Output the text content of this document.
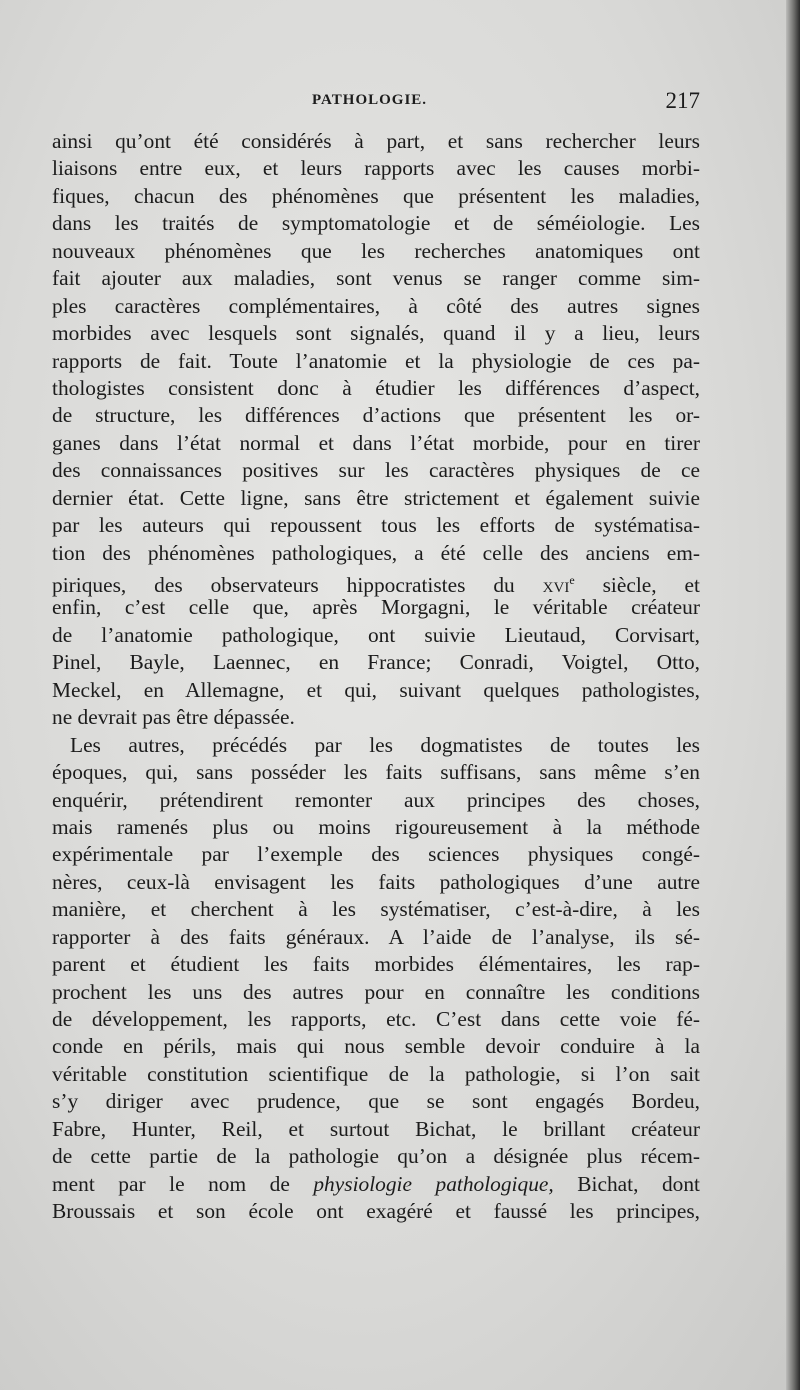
PATHOLOGIE.	217
ainsi qu’ont été considérés à part, et sans rechercher leurs
liaisons entre eux, et leurs rapports avec les causes morbi-
fiques, chacun des phénomènes que présentent les maladies,
dans les traités de symptomatologie et de séméiologie. Les
nouveaux phénomènes que les recherches anatomiques ont
fait ajouter aux maladies, sont venus se ranger comme sim-
ples caractères complémentaires, à côté des autres signes
morbides avec lesquels sont signalés, quand il y a lieu, leurs
rapports de fait. Toute l’anatomie et la physiologie de ces pa-
thologistes consistent donc à étudier les différences d’aspect,
de structure, les différences d’actions que présentent les or-
ganes dans l’état normal et dans l’état morbide, pour en tirer
des connaissances positives sur les caractères physiques de ce
dernier état. Cette ligne, sans être strictement et également suivie
par les auteurs qui repoussent tous les efforts de systématisa-
tion des phénomènes pathologiques, a été celle des anciens em-
piriques, des observateurs hippocratistes du xvi$^e$ siècle, et
enfin, c’est celle que, après Morgagni, le véritable créateur
de l’anatomie pathologique, ont suivie Lieutaud, Corvisart,
Pinel, Bayle, Laennec, en France; Conradi, Voigtel, Otto,
Meckel, en Allemagne, et qui, suivant quelques pathologistes,
ne devrait pas être dépassée.
Les autres, précédés par les dogmatistes de toutes les
époques, qui, sans posséder les faits suffisans, sans même s’en
enquérir, prétendirent remonter aux principes des choses,
mais ramenés plus ou moins rigoureusement à la méthode
expérimentale par l’exemple des sciences physiques congé-
nères, ceux-là envisagent les faits pathologiques d’une autre
manière, et cherchent à les systématiser, c’est-à-dire, à les
rapporter à des faits généraux. A l’aide de l’analyse, ils sé-
parent et étudient les faits morbides élémentaires, les rap-
prochent les uns des autres pour en connaître les conditions
de développement, les rapports, etc. C’est dans cette voie fé-
conde en périls, mais qui nous semble devoir conduire à la
véritable constitution scientifique de la pathologie, si l’on sait
s’y diriger avec prudence, que se sont engagés Bordeu,
Fabre, Hunter, Reil, et surtout Bichat, le brillant créateur
de cette partie de la pathologie qu’on a désignée plus récem-
ment par le nom de physiologie pathologique, Bichat, dont
Broussais et son école ont exagéré et faussé les principes,
